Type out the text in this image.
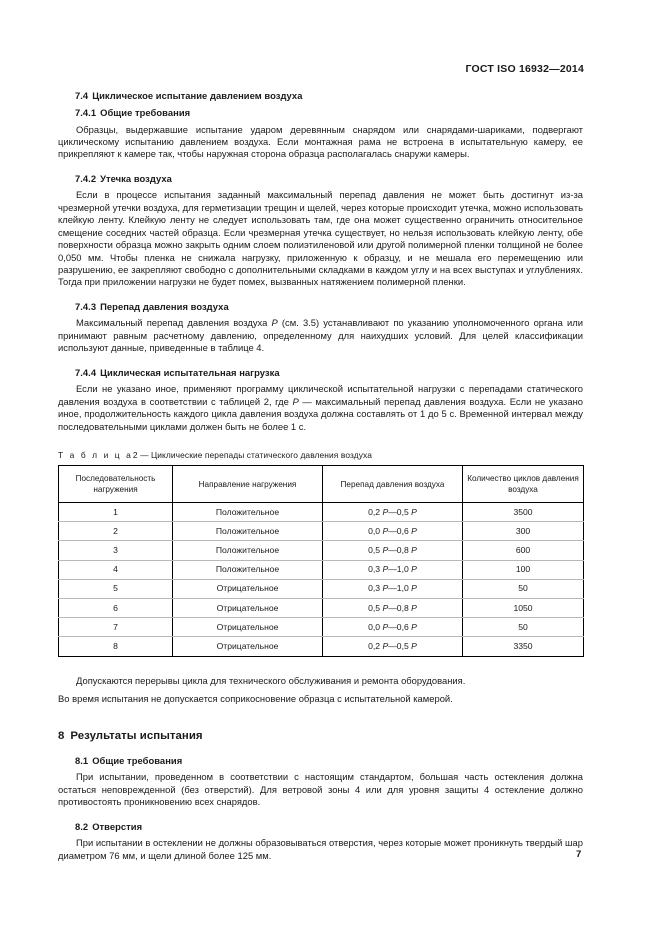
ГОСТ ISO 16932—2014
7.4 Циклическое испытание давлением воздуха
7.4.1 Общие требования

Образцы, выдержавшие испытание ударом деревянным снарядом или снарядами-шариками, подвергают циклическому испытанию давлением воздуха. Если монтажная рама не встроена в испытательную камеру, ее прикрепляют к камере так, чтобы наружная сторона образца располагалась снаружи камеры.

7.4.2 Утечка воздуха

Если в процессе испытания заданный максимальный перепад давления не может быть достигнут из-за чрезмерной утечки воздуха, для герметизации трещин и щелей, через которые происходит утечка, можно использовать клейкую ленту. Клейкую ленту не следует использовать там, где она может существенно ограничить относительное смещение соседних частей образца. Если чрезмерная утечка существует, но нельзя использовать клейкую ленту, обе поверхности образца можно закрыть одним слоем полиэтиленовой или другой полимерной пленки толщиной не более 0,050 мм. Чтобы пленка не снижала нагрузку, приложенную к образцу, и не мешала его перемещению или разрушению, ее закрепляют свободно с дополнительными складками в каждом углу и на всех выступах и углублениях. Тогда при приложении нагрузки не будет помех, вызванных натяжением полимерной пленки.

7.4.3 Перепад давления воздуха

Максимальный перепад давления воздуха P (см. 3.5) устанавливают по указанию уполномоченного органа или принимают равным расчетному давлению, определенному для наихудших условий. Для целей классификации используют данные, приведенные в таблице 4.

7.4.4 Циклическая испытательная нагрузка

Если не указано иное, применяют программу циклической испытательной нагрузки с перепадами статического давления воздуха в соответствии с таблицей 2, где P — максимальный перепад давления воздуха. Если не указано иное, продолжительность каждого цикла давления воздуха должна составлять от 1 до 5 с. Временной интервал между последовательными циклами должен быть не более 1 с.

Т а б л и ц а2 — Циклические перепады статического давления воздуха
Последовательность нагружения	Направление нагружения	Перепад давления воздуха	Количество циклов давления воздуха
1	Положительное	0,2 P—0,5 P	3500
2	Положительное	0,0 P—0,6 P	300
3	Положительное	0,5 P—0,8 P	600
4	Положительное	0,3 P—1,0 P	100
5	Отрицательное	0,3 P—1,0 P	50
6	Отрицательное	0,5 P—0,8 P	1050
7	Отрицательное	0,0 P—0,6 P	50
8	Отрицательное	0,2 P—0,5 P	3350

Допускаются перерывы цикла для технического обслуживания и ремонта оборудования.

Во время испытания не допускается соприкосновение образца с испытательной камерой.

8 Результаты испытания
8.1 Общие требования

При испытании, проведенном в соответствии с настоящим стандартом, большая часть остекления должна остаться неповрежденной (без отверстий). Для ветровой зоны 4 или для уровня защиты 4 остекление должно противостоять проникновению всех снарядов.

8.2 Отверстия

При испытании в остеклении не должны образовываться отверстия, через которые может проникнуть твердый шар диаметром 76 мм, и щели длиной более 125 мм.	7
